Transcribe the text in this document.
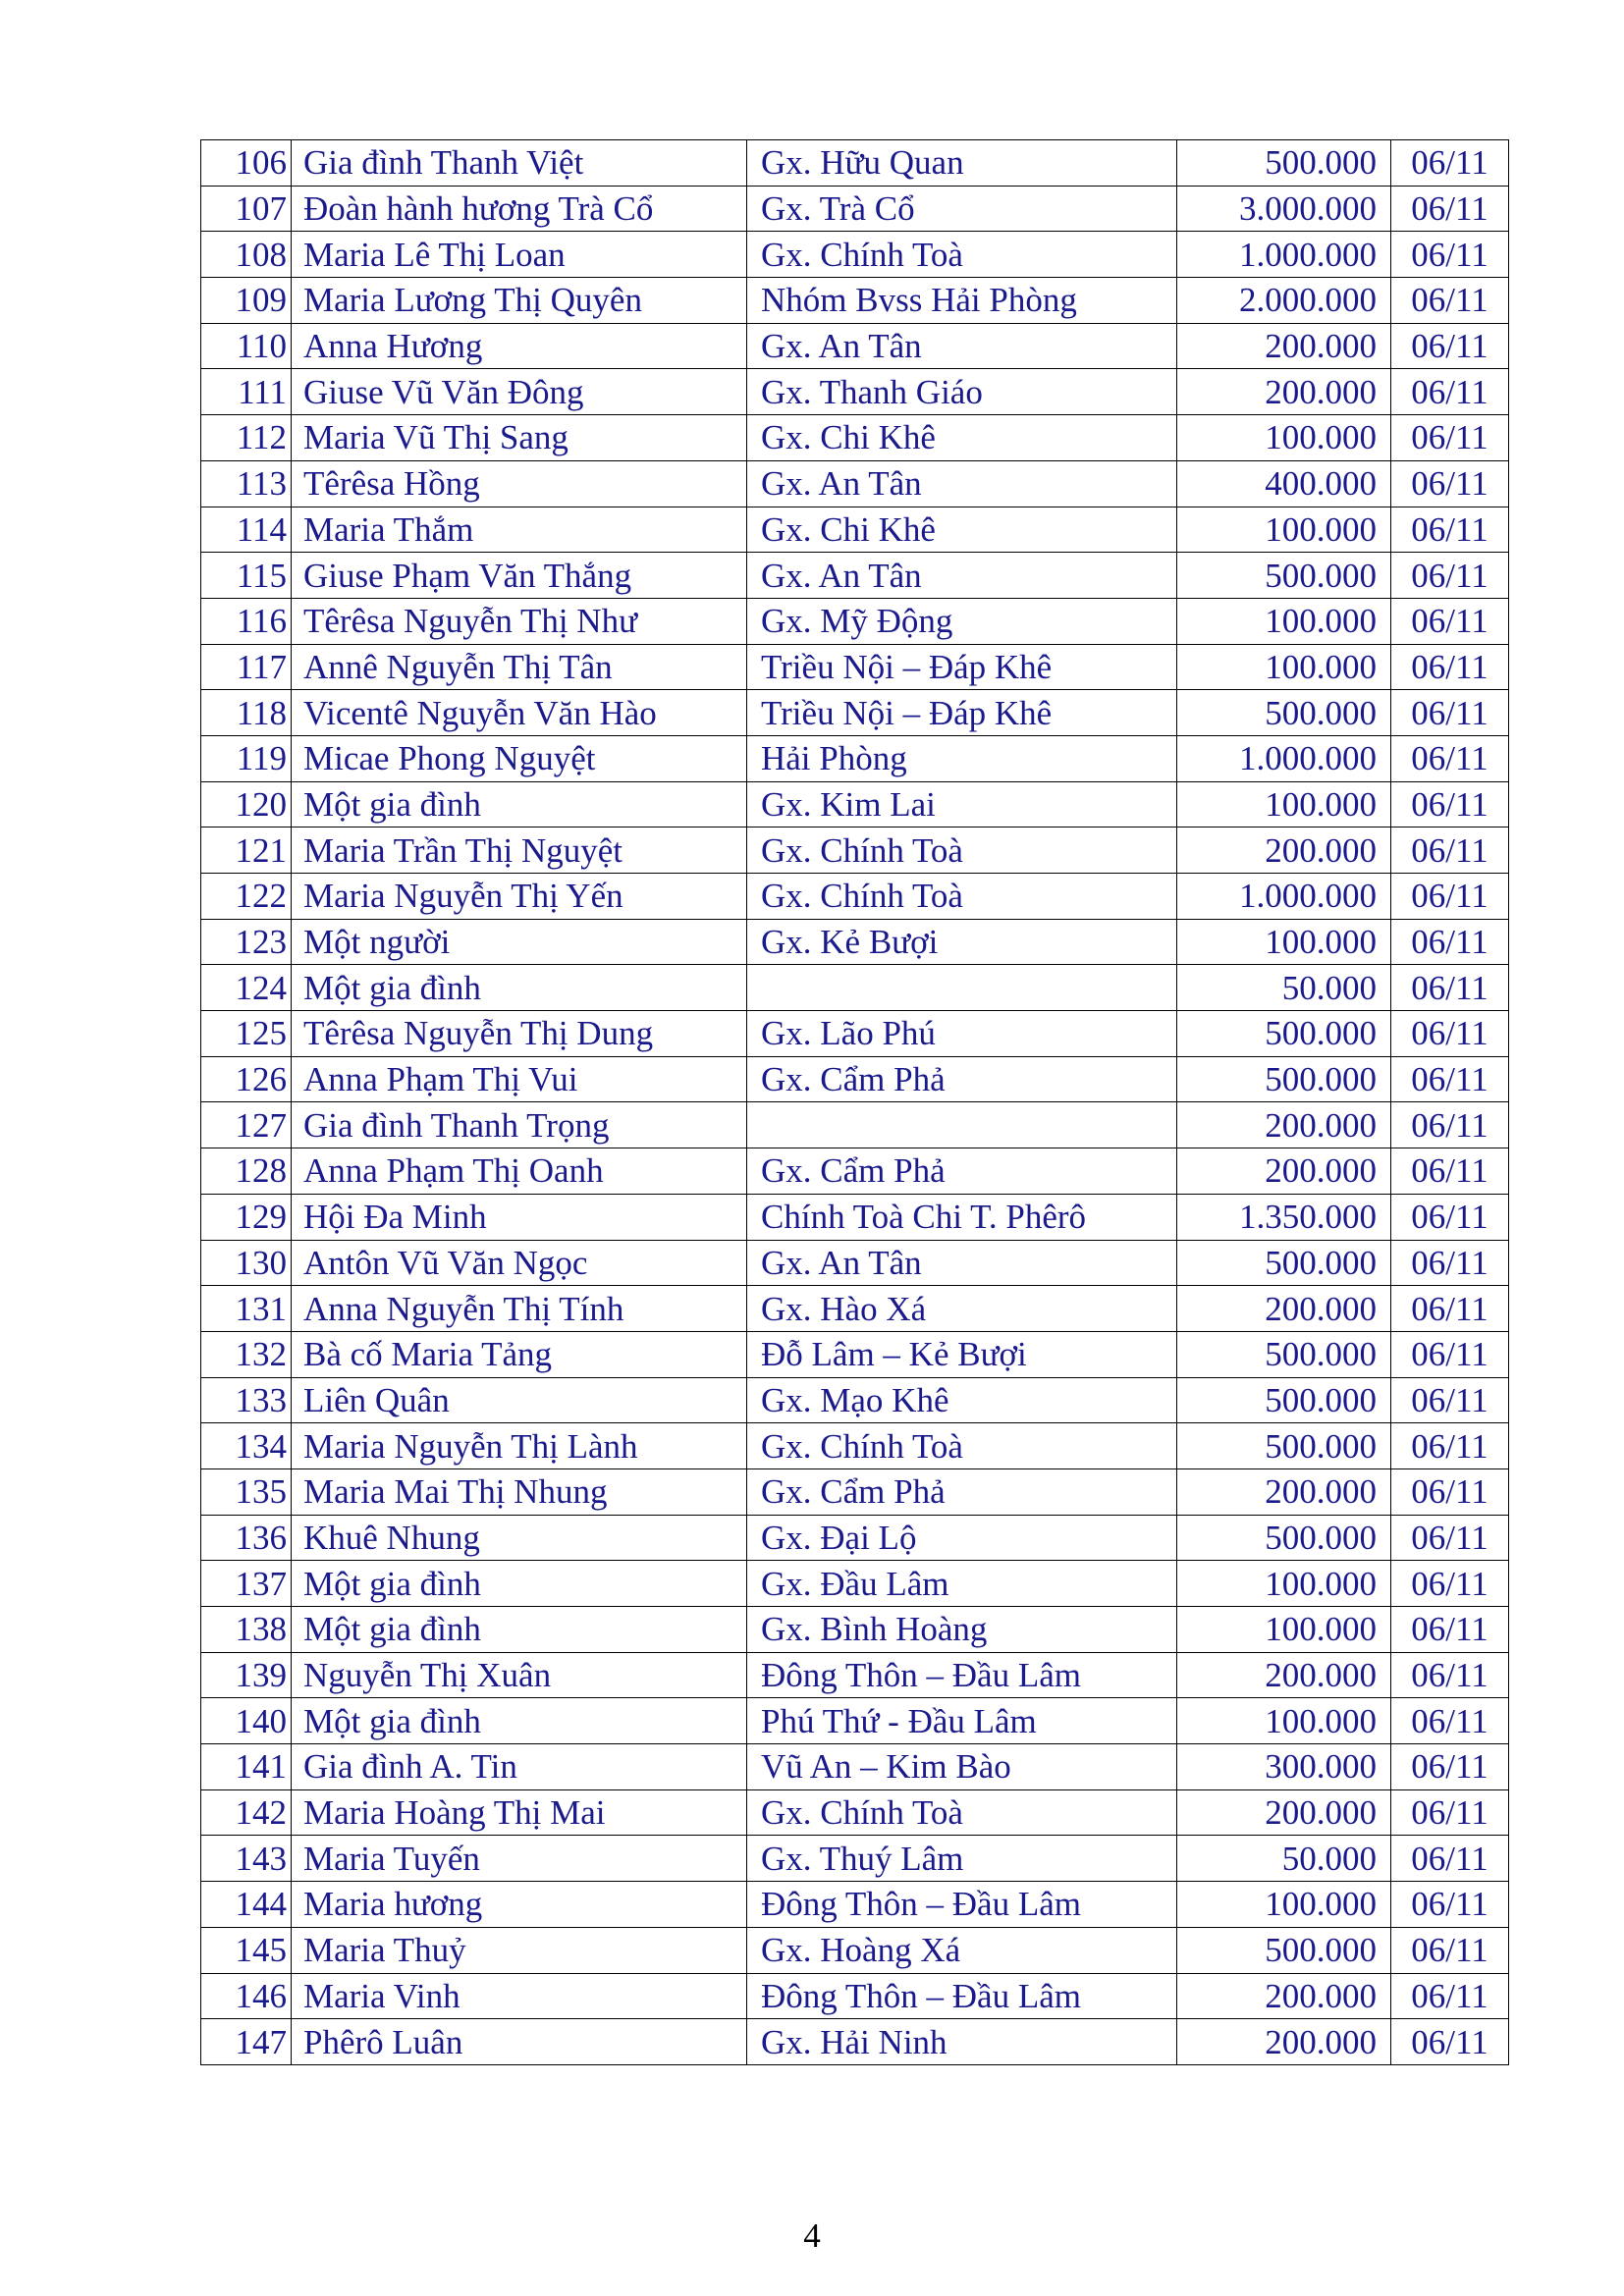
106	Gia đình Thanh Việt	Gx. Hữu Quan	500.000	06/11
107	Đoàn hành hương Trà Cổ	Gx. Trà Cổ	3.000.000	06/11
108	Maria Lê Thị Loan	Gx. Chính Toà	1.000.000	06/11
109	Maria Lương Thị Quyên	Nhóm Bvss Hải Phòng	2.000.000	06/11
110	Anna Hương	Gx. An Tân	200.000	06/11
111	Giuse Vũ Văn Đông	Gx. Thanh Giáo	200.000	06/11
112	Maria Vũ Thị Sang	Gx. Chi Khê	100.000	06/11
113	Têrêsa Hồng	Gx. An Tân	400.000	06/11
114	Maria Thắm	Gx. Chi Khê	100.000	06/11
115	Giuse Phạm Văn Thắng	Gx. An Tân	500.000	06/11
116	Têrêsa Nguyễn Thị Như	Gx. Mỹ Động	100.000	06/11
117	Annê Nguyễn Thị Tân	Triều Nội – Đáp Khê	100.000	06/11
118	Vicentê Nguyễn Văn Hào	Triều Nội – Đáp Khê	500.000	06/11
119	Micae Phong Nguyệt	Hải Phòng	1.000.000	06/11
120	Một gia đình	Gx. Kim Lai	100.000	06/11
121	Maria Trần Thị Nguyệt	Gx. Chính Toà	200.000	06/11
122	Maria Nguyễn Thị Yến	Gx. Chính Toà	1.000.000	06/11
123	Một người	Gx. Kẻ Bượi	100.000	06/11
124	Một gia đình		50.000	06/11
125	Têrêsa Nguyễn Thị Dung	Gx. Lão Phú	500.000	06/11
126	Anna Phạm Thị Vui	Gx. Cẩm Phả	500.000	06/11
127	Gia đình Thanh Trọng		200.000	06/11
128	Anna Phạm Thị Oanh	Gx. Cẩm Phả	200.000	06/11
129	Hội Đa Minh	Chính Toà Chi T. Phêrô	1.350.000	06/11
130	Antôn Vũ Văn Ngọc	Gx. An Tân	500.000	06/11
131	Anna Nguyễn Thị Tính	Gx. Hào Xá	200.000	06/11
132	Bà cố Maria Tảng	Đỗ Lâm – Kẻ Bượi	500.000	06/11
133	Liên Quân	Gx. Mạo Khê	500.000	06/11
134	Maria Nguyễn Thị Lành	Gx. Chính Toà	500.000	06/11
135	Maria Mai Thị Nhung	Gx. Cẩm Phả	200.000	06/11
136	Khuê Nhung	Gx. Đại Lộ	500.000	06/11
137	Một gia đình	Gx. Đầu Lâm	100.000	06/11
138	Một gia đình	Gx. Bình Hoàng	100.000	06/11
139	Nguyễn Thị Xuân	Đông Thôn – Đầu Lâm	200.000	06/11
140	Một gia đình	Phú Thứ - Đầu Lâm	100.000	06/11
141	Gia đình A. Tin	Vũ An – Kim Bào	300.000	06/11
142	Maria Hoàng Thị Mai	Gx. Chính Toà	200.000	06/11
143	Maria Tuyến	Gx. Thuý Lâm	50.000	06/11
144	Maria hương	Đông Thôn – Đầu Lâm	100.000	06/11
145	Maria Thuỷ	Gx. Hoàng Xá	500.000	06/11
146	Maria Vinh	Đông Thôn – Đầu Lâm	200.000	06/11
147	Phêrô Luân	Gx. Hải Ninh	200.000	06/11
4
